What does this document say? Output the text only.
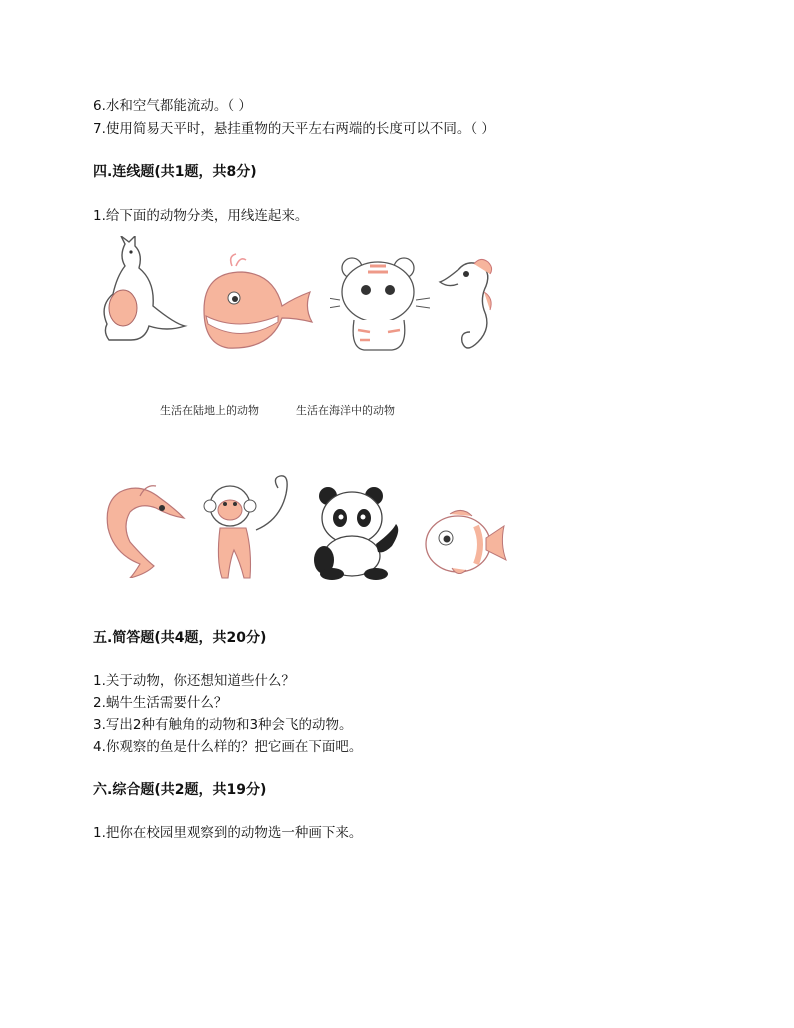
6.水和空气都能流动。（ ）
7.使用简易天平时，悬挂重物的天平左右两端的长度可以不同。（ ）
四.连线题(共1题，共8分)
1.给下面的动物分类，用线连起来。
生活在陆地上的动物	生活在海洋中的动物
五.简答题(共4题，共20分)
1.关于动物，你还想知道些什么？
2.蜗牛生活需要什么？
3.写出2种有触角的动物和3种会飞的动物。
4.你观察的鱼是什么样的？把它画在下面吧。
六.综合题(共2题，共19分)
1.把你在校园里观察到的动物选一种画下来。
